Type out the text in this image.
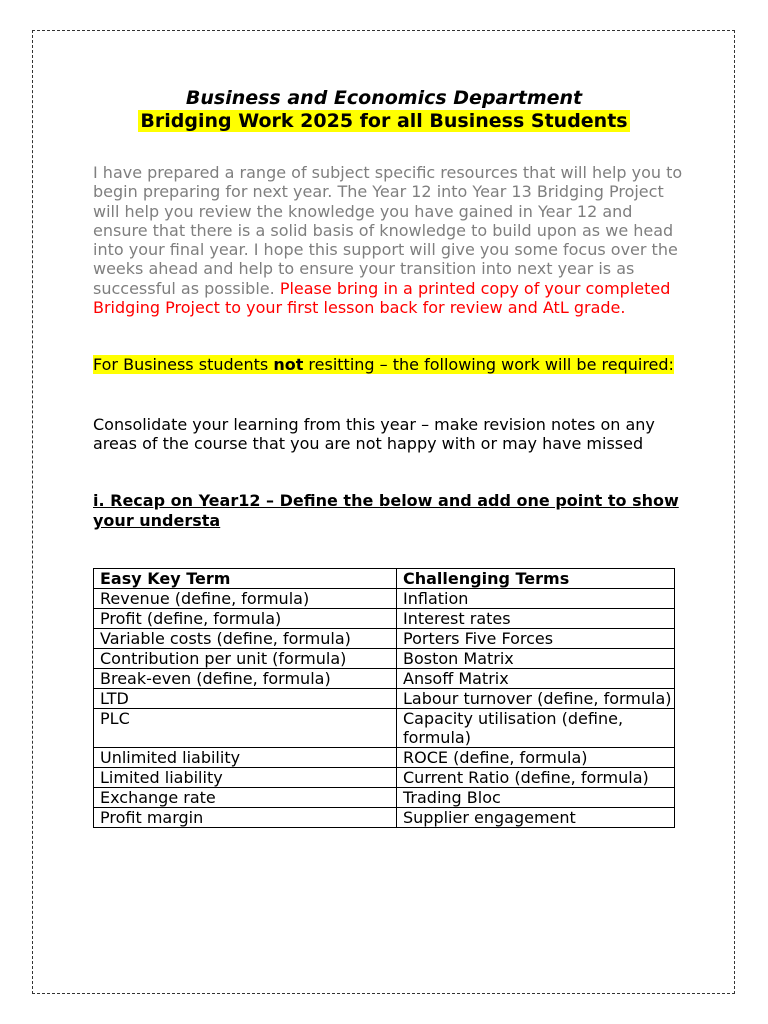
Business and Economics Department
Bridging Work 2025 for all Business Students

I have prepared a range of subject specific resources that will help you to begin preparing for next year. The Year 12 into Year 13 Bridging Project will help you review the knowledge you have gained in Year 12 and ensure that there is a solid basis of knowledge to build upon as we head into your final year. I hope this support will give you some focus over the weeks ahead and help to ensure your transition into next year is as successful as possible. Please bring in a printed copy of your completed Bridging Project to your first lesson back for review and AtL grade.

For Business students not resitting – the following work will be required:

Consolidate your learning from this year – make revision notes on any areas of the course that you are not happy with or may have missed

i. Recap on Year12 – Define the below and add one point to show your understa

Easy Key Term	Challenging Terms
Revenue (define, formula)	Inflation
Profit (define, formula)	Interest rates
Variable costs (define, formula)	Porters Five Forces
Contribution per unit (formula)	Boston Matrix
Break-even (define, formula)	Ansoff Matrix
LTD	Labour turnover (define, formula)
PLC	Capacity utilisation (define, formula)
Unlimited liability	ROCE (define, formula)
Limited liability	Current Ratio (define, formula)
Exchange rate	Trading Bloc
Profit margin	Supplier engagement
